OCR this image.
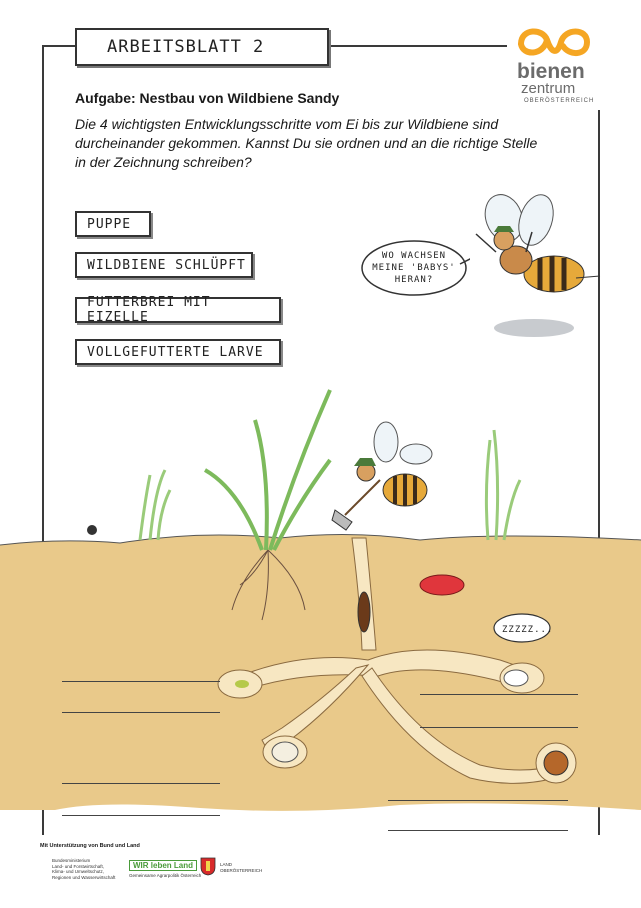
ARBEITSBLATT 2
bienen
zentrum
OBERÖSTERREICH
Aufgabe: Nestbau von Wildbiene Sandy
Die 4 wichtigsten Entwicklungsschritte vom Ei bis zur Wildbiene sind durcheinander gekommen. Kannst Du sie ordnen und an die richtige Stelle in der Zeichnung schreiben?
PUPPE
WILDBIENE SCHLÜPFT
FUTTERBREI MIT EIZELLE
VOLLGEFUTTERTE LARVE
WO WACHSEN
MEINE 'BABYS'
HERAN?
ZZZZZ...
Mit Unterstützung von Bund und Land
Bundesministerium
Land- und Forstwirtschaft,
Klima- und Umweltschutz,
Regionen und Wasserwirtschaft
WIR leben Land
Gemeinsame Agrarpolitik Österreich
LAND
OBERÖSTERREICH
